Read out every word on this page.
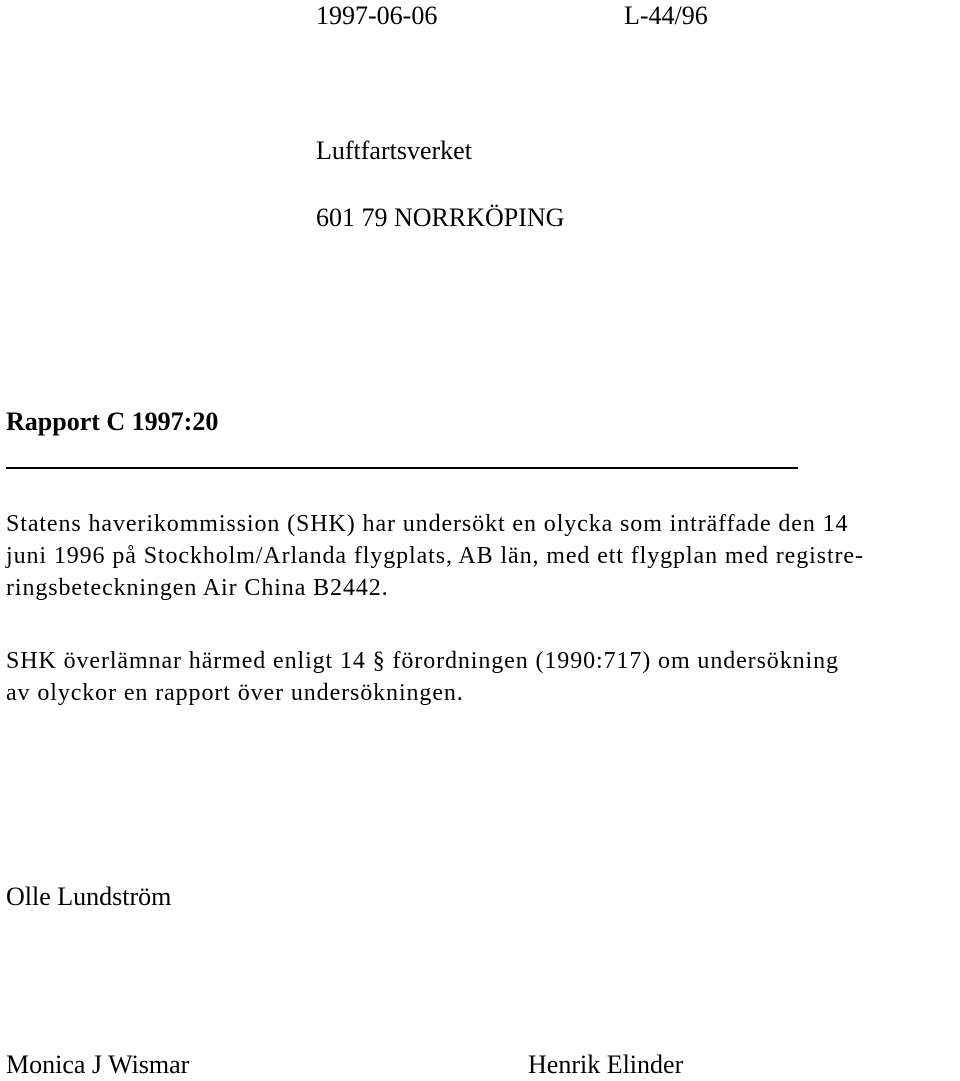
1997-06-06	L-44/96
Luftfartsverket
601 79 NORRKÖPING
Rapport C 1997:20
Statens haverikommission (SHK) har undersökt en olycka som inträffade den 14
juni 1996 på Stockholm/Arlanda flygplats, AB län, med ett flygplan med registre-
ringsbeteckningen Air China B2442.
SHK överlämnar härmed enligt 14 § förordningen (1990:717) om undersökning
av olyckor en rapport över undersökningen.
Olle Lundström
Monica J Wismar	Henrik Elinder
